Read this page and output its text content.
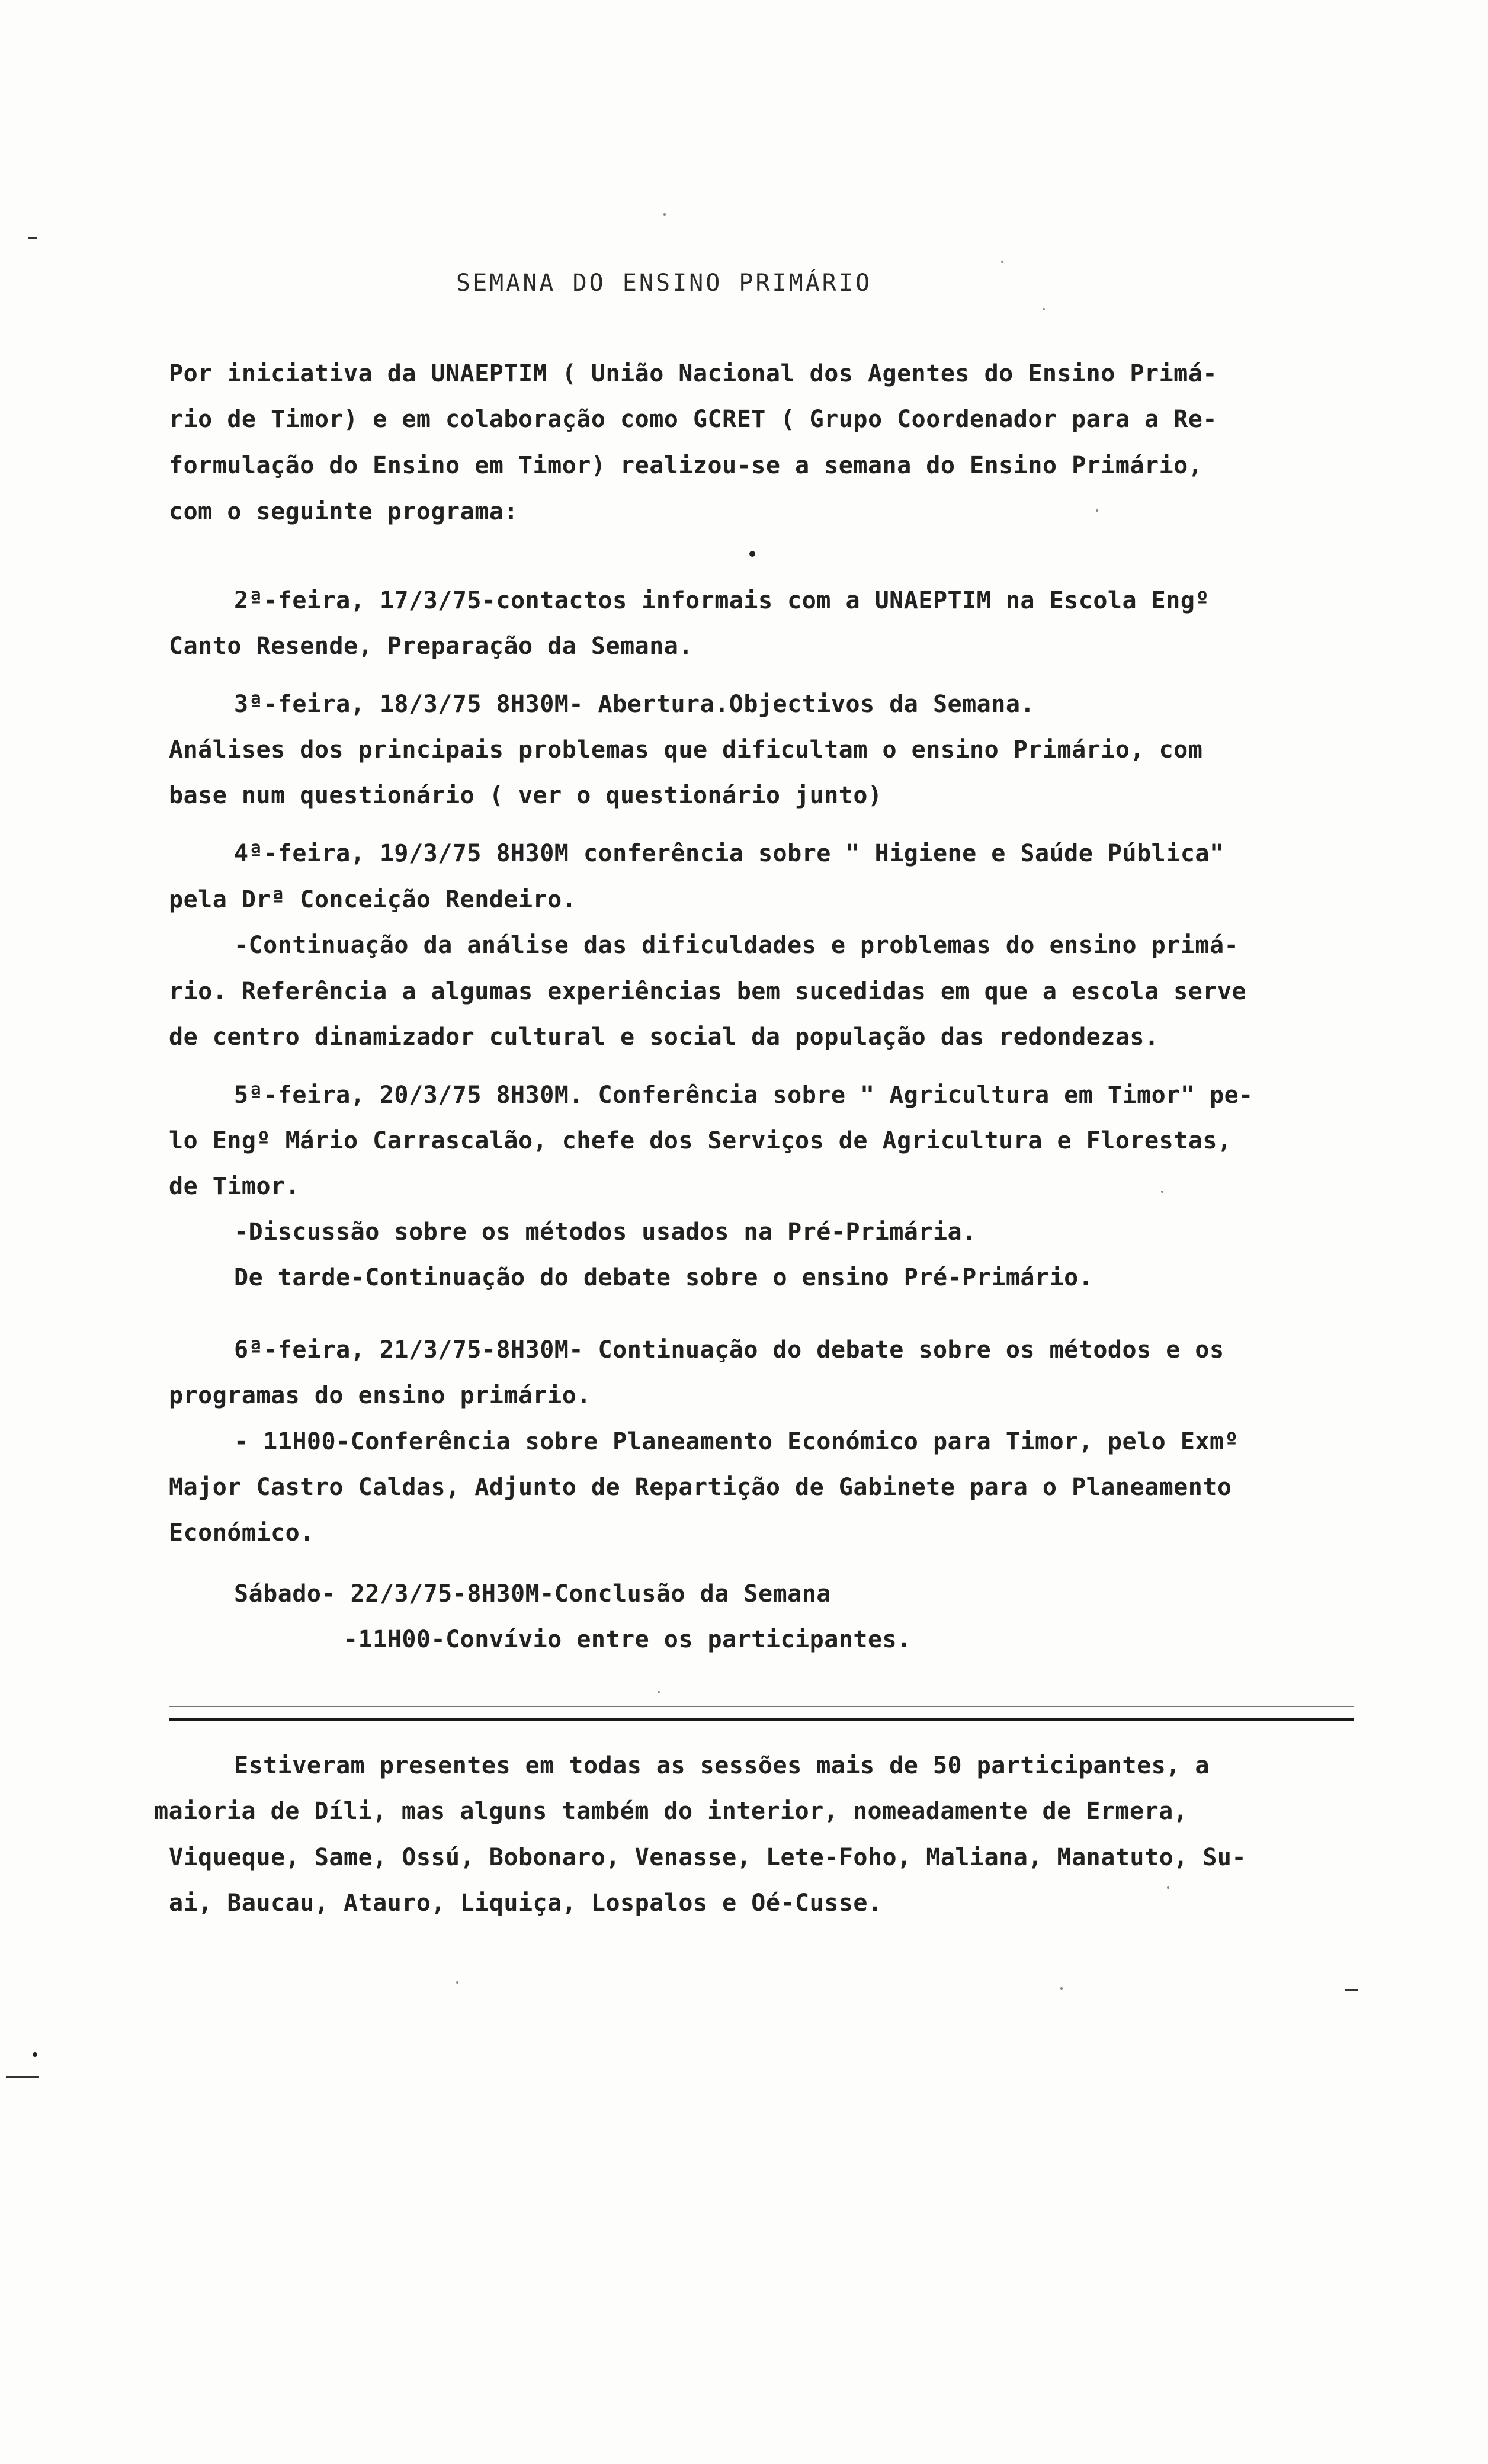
SEMANA DO ENSINO PRIMÁRIO
Por iniciativa da UNAEPTIM ( União Nacional dos Agentes do Ensino Primá-
rio de Timor) e em colaboração como GCRET ( Grupo Coordenador para a Re-
formulação do Ensino em Timor) realizou-se a semana do Ensino Primário,
com o seguinte programa:
2ª-feira, 17/3/75-contactos informais com a UNAEPTIM na Escola Engº
Canto Resende, Preparação da Semana.
3ª-feira, 18/3/75 8H30M- Abertura.Objectivos da Semana.
Análises dos principais problemas que dificultam o ensino Primário, com
base num questionário ( ver o questionário junto)
4ª-feira, 19/3/75 8H30M conferência sobre " Higiene e Saúde Pública"
pela Drª Conceição Rendeiro.
-Continuação da análise das dificuldades e problemas do ensino primá-
rio. Referência a algumas experiências bem sucedidas em que a escola serve
de centro dinamizador cultural e social da população das redondezas.
5ª-feira, 20/3/75 8H30M. Conferência sobre " Agricultura em Timor" pe-
lo Engº Mário Carrascalão, chefe dos Serviços de Agricultura e Florestas,
de Timor.
-Discussão sobre os métodos usados na Pré-Primária.
De tarde-Continuação do debate sobre o ensino Pré-Primário.
6ª-feira, 21/3/75-8H30M- Continuação do debate sobre os métodos e os
programas do ensino primário.
- 11H00-Conferência sobre Planeamento Económico para Timor, pelo Exmº
Major Castro Caldas, Adjunto de Repartição de Gabinete para o Planeamento
Económico.
Sábado- 22/3/75-8H30M-Conclusão da Semana
-11H00-Convívio entre os participantes.
Estiveram presentes em todas as sessões mais de 50 participantes, a
maioria de Díli, mas alguns também do interior, nomeadamente de Ermera,
Viqueque, Same, Ossú, Bobonaro, Venasse, Lete-Foho, Maliana, Manatuto, Su-
ai, Baucau, Atauro, Liquiça, Lospalos e Oé-Cusse.
